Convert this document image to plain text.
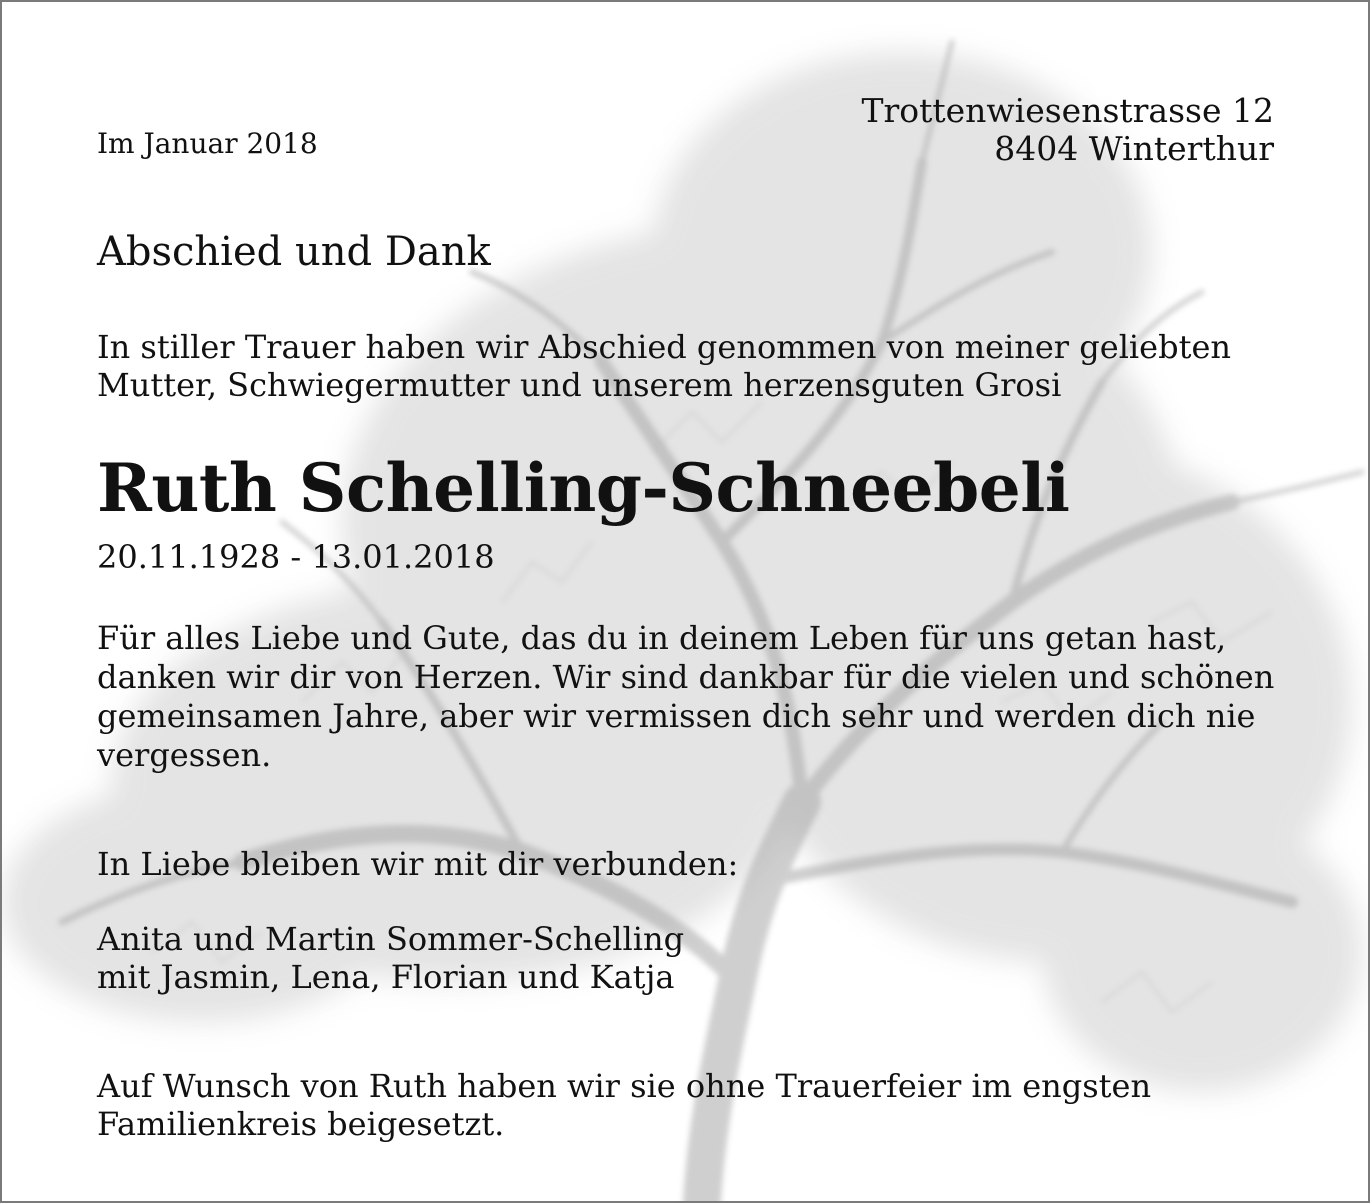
Im Januar 2018

Trottenwiesenstrasse 12
8404 Winterthur
Abschied und Dank

In stiller Trauer haben wir Abschied genommen von meiner geliebten
Mutter, Schwiegermutter und unserem herzensguten Grosi

Ruth Schelling-Schneebeli

20.11.1928 - 13.01.2018

Für alles Liebe und Gute, das du in deinem Leben für uns getan hast,
danken wir dir von Herzen. Wir sind dankbar für die vielen und schönen
gemeinsamen Jahre, aber wir vermissen dich sehr und werden dich nie
vergessen.

In Liebe bleiben wir mit dir verbunden:

Anita und Martin Sommer-Schelling
mit Jasmin, Lena, Florian und Katja

Auf Wunsch von Ruth haben wir sie ohne Trauerfeier im engsten
Familienkreis beigesetzt.
